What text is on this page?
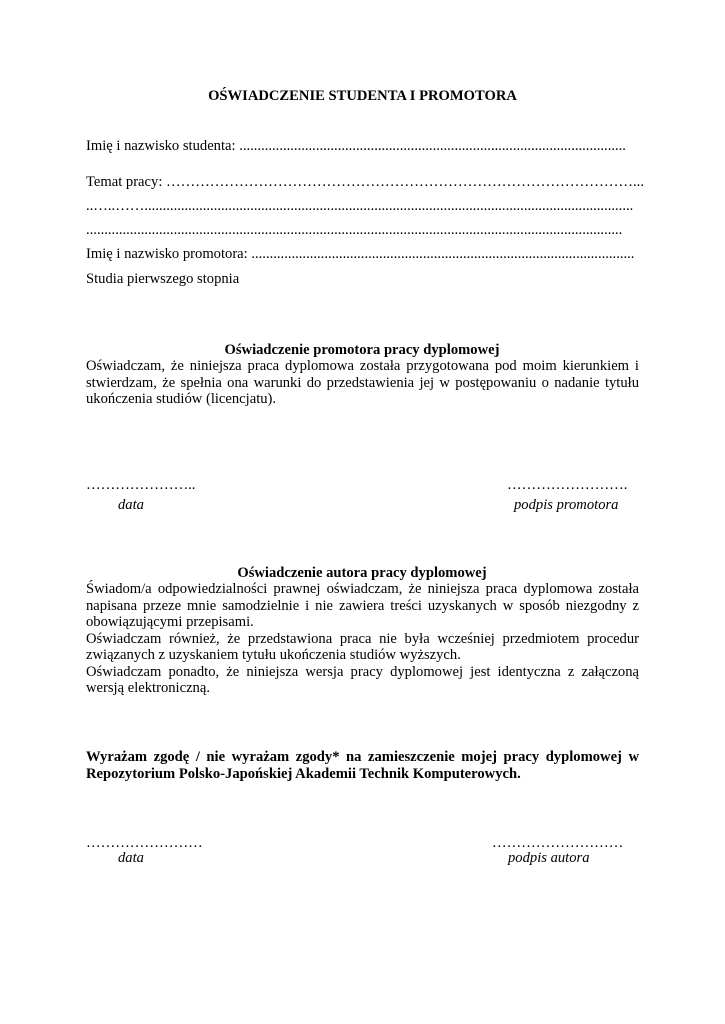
OŚWIADCZENIE STUDENTA I PROMOTORA
Imię i nazwisko studenta: ..........................................................................................................
Temat pracy: ……………………………………………………………………………………...
..…..……......................................................................................................................................
...................................................................................................................................................
Imię i nazwisko promotora: .........................................................................................................
Studia pierwszego stopnia
Oświadczenie promotora pracy dyplomowej

Oświadczam, że niniejsza praca dyplomowa została przygotowana pod moim kierunkiem i stwierdzam, że spełnia ona warunki do przedstawienia jej w postępowaniu o nadanie tytułu ukończenia studiów (licencjatu).

…………………..
data
…………………….
podpis promotora
Oświadczenie autora pracy dyplomowej

Świadom/a odpowiedzialności prawnej oświadczam, że niniejsza praca dyplomowa została napisana przeze mnie samodzielnie i nie zawiera treści uzyskanych w sposób niezgodny z obowiązującymi przepisami.

Oświadczam również, że przedstawiona praca nie była wcześniej przedmiotem procedur związanych z uzyskaniem tytułu ukończenia studiów wyższych.

Oświadczam ponadto, że niniejsza wersja pracy dyplomowej jest identyczna z załączoną wersją elektroniczną.

Wyrażam zgodę / nie wyrażam zgody* na zamieszczenie mojej pracy dyplomowej w Repozytorium Polsko-Japońskiej Akademii Technik Komputerowych.

……………………
data
………………………
podpis autora
